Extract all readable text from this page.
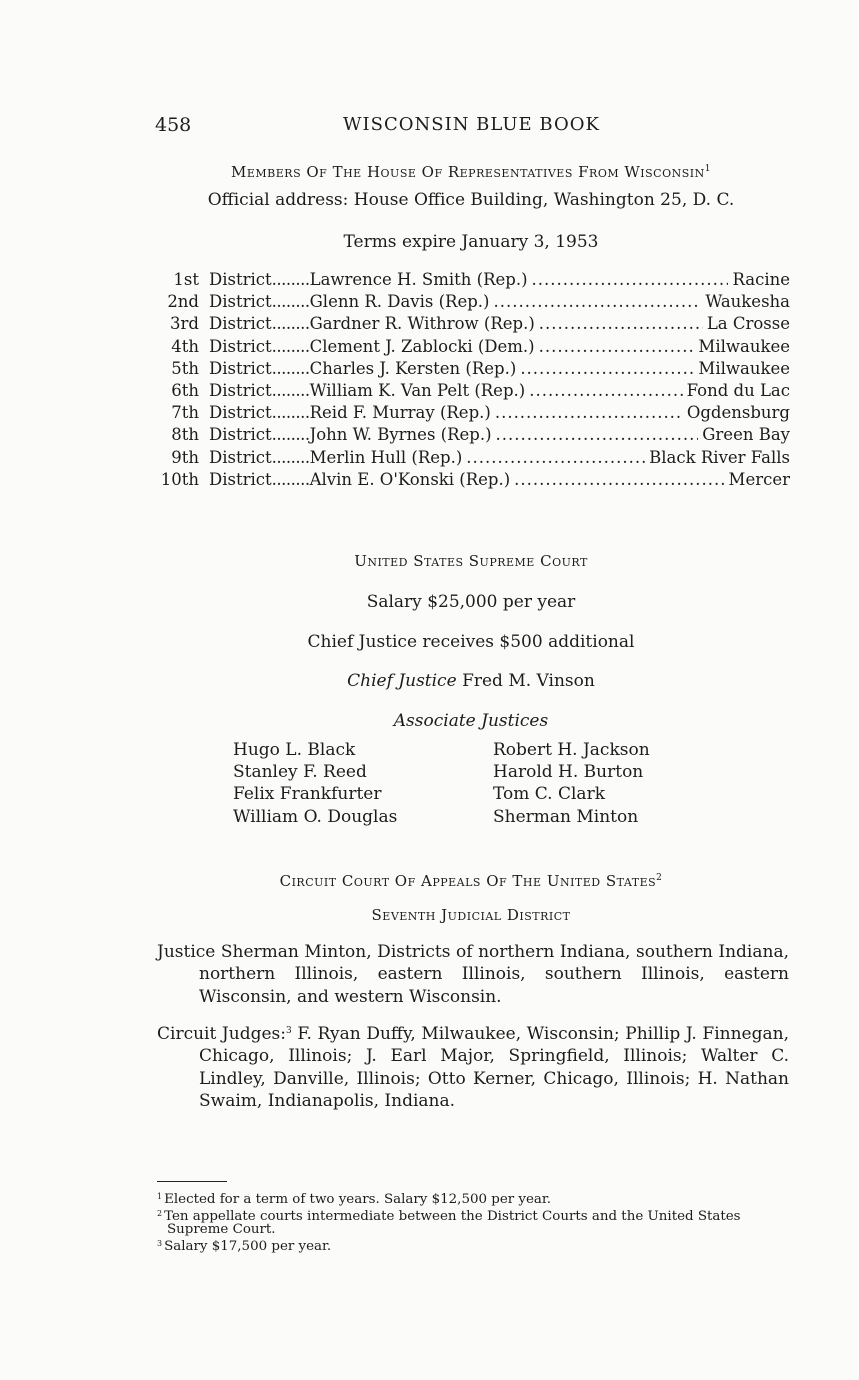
458	WISCONSIN BLUE BOOK
Members Of The House Of Representatives From Wisconsin$^1$
Official address: House Office Building, Washington 25, D. C.
Terms expire January 3, 1953
1st District ........ Lawrence H. Smith (Rep.) .....	Racine
2nd District ........ Glenn R. Davis (Rep.) .....	Waukesha
3rd District ........ Gardner R. Withrow (Rep.) .....	La Crosse
4th District ........ Clement J. Zablocki (Dem.) .....	Milwaukee
5th District ........ Charles J. Kersten (Rep.) .....	Milwaukee
6th District ........ William K. Van Pelt (Rep.) .....	Fond du Lac
7th District ........ Reid F. Murray (Rep.) .....	Ogdensburg
8th District ........ John W. Byrnes (Rep.) .....	Green Bay
9th District ........ Merlin Hull (Rep.) .....	Black River Falls
10th District ........ Alvin E. O'Konski (Rep.) .....	Mercer
United States Supreme Court
Salary $25,000 per year
Chief Justice receives $500 additional
Chief Justice Fred M. Vinson
Associate Justices
Hugo L. Black
Stanley F. Reed
Felix Frankfurter
William O. Douglas
Robert H. Jackson
Harold H. Burton
Tom C. Clark
Sherman Minton
Circuit Court Of Appeals Of The United States$^2$
Seventh Judicial District
Justice Sherman Minton, Districts of northern Indiana, southern Indiana, northern Illinois, eastern Illinois, southern Illinois, eastern Wisconsin, and western Wisconsin.
Circuit Judges:$^3$ F. Ryan Duffy, Milwaukee, Wisconsin; Phillip J. Finnegan, Chicago, Illinois; J. Earl Major, Springfield, Illinois; Walter C. Lindley, Danville, Illinois; Otto Kerner, Chicago, Illinois; H. Nathan Swaim, Indianapolis, Indiana.
$^1$ Elected for a term of two years. Salary $12,500 per year.
$^2$ Ten appellate courts intermediate between the District Courts and the United States Supreme Court.
$^3$ Salary $17,500 per year.
